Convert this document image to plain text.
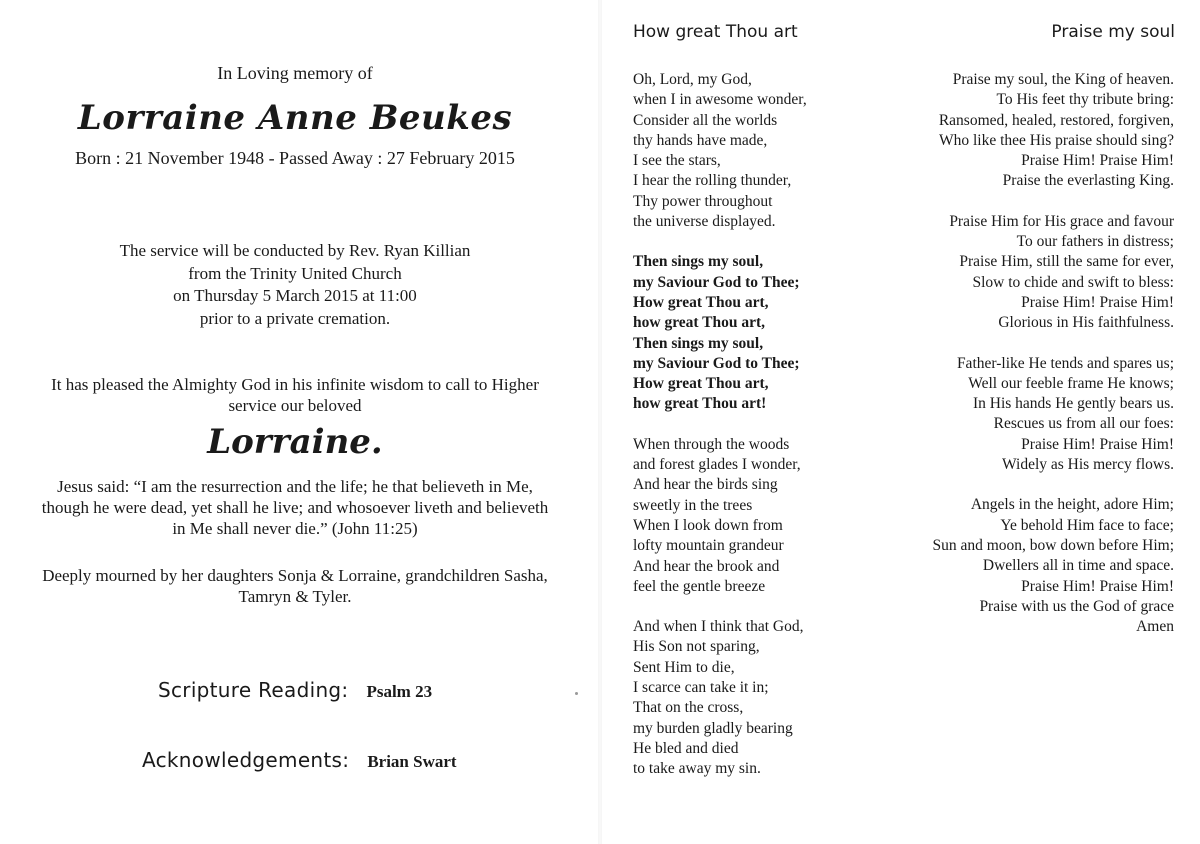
In Loving memory of
Lorraine Anne Beukes
Born : 21 November 1948 - Passed Away : 27 February 2015
The service will be conducted by Rev. Ryan Killian
from the Trinity United Church
on Thursday 5 March 2015 at 11:00
prior to a private cremation.
It has pleased the Almighty God in his infinite wisdom to call to Higher
service our beloved
Lorraine.
Jesus said: “I am the resurrection and the life; he that believeth in Me,
though he were dead, yet shall he live; and whosoever liveth and believeth
in Me shall never die.” (John 11:25)
Deeply mourned by her daughters Sonja & Lorraine, grandchildren Sasha,
Tamryn & Tyler.
Scripture Reading: Psalm 23
Acknowledgements: Brian Swart
How great Thou art
Oh, Lord, my God,
when I in awesome wonder,
Consider all the worlds
thy hands have made,
I see the stars,
I hear the rolling thunder,
Thy power throughout
the universe displayed.
Then sings my soul,
my Saviour God to Thee;
How great Thou art,
how great Thou art,
Then sings my soul,
my Saviour God to Thee;
How great Thou art,
how great Thou art!
When through the woods
and forest glades I wonder,
And hear the birds sing
sweetly in the trees
When I look down from
lofty mountain grandeur
And hear the brook and
feel the gentle breeze
And when I think that God,
His Son not sparing,
Sent Him to die,
I scarce can take it in;
That on the cross,
my burden gladly bearing
He bled and died
to take away my sin.
Praise my soul
Praise my soul, the King of heaven.
To His feet thy tribute bring:
Ransomed, healed, restored, forgiven,
Who like thee His praise should sing?
Praise Him! Praise Him!
Praise the everlasting King.
Praise Him for His grace and favour
To our fathers in distress;
Praise Him, still the same for ever,
Slow to chide and swift to bless:
Praise Him! Praise Him!
Glorious in His faithfulness.
Father-like He tends and spares us;
Well our feeble frame He knows;
In His hands He gently bears us.
Rescues us from all our foes:
Praise Him! Praise Him!
Widely as His mercy flows.
Angels in the height, adore Him;
Ye behold Him face to face;
Sun and moon, bow down before Him;
Dwellers all in time and space.
Praise Him! Praise Him!
Praise with us the God of grace
Amen
